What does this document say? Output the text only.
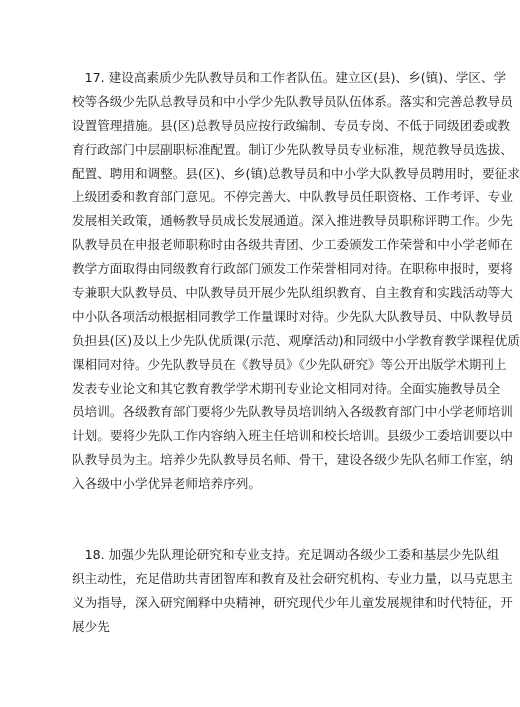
　17. 建设高素质少先队教导员和工作者队伍。建立区(县)、乡(镇)、学区、学
校等各级少先队总教导员和中小学少先队教导员队伍体系。落实和完善总教导员
设置管理措施。县(区)总教导员应按行政编制、专员专岗、不低于同级团委或教
育行政部门中层副职标准配置。制订少先队教导员专业标准，规范教导员选拔、
配置、聘用和调整。县(区)、乡(镇)总教导员和中小学大队教导员聘用时，要征求
上级团委和教育部门意见。不停完善大、中队教导员任职资格、工作考评、专业
发展相关政策，通畅教导员成长发展通道。深入推进教导员职称评聘工作。少先
队教导员在申报老师职称时由各级共青团、少工委颁发工作荣誉和中小学老师在
教学方面取得由同级教育行政部门颁发工作荣誉相同对待。在职称申报时，要将
专兼职大队教导员、中队教导员开展少先队组织教育、自主教育和实践活动等大
中小队各项活动根据相同教学工作量课时对待。少先队大队教导员、中队教导员
负担县(区)及以上少先队优质课(示范、观摩活动)和同级中小学教育教学课程优质
课相同对待。少先队教导员在《教导员》《少先队研究》等公开出版学术期刊上
发表专业论文和其它教育教学学术期刊专业论文相同对待。全面实施教导员全
员培训。各级教育部门要将少先队教导员培训纳入各级教育部门中小学老师培训
计划。要将少先队工作内容纳入班主任培训和校长培训。县级少工委培训要以中
队教导员为主。培养少先队教导员名师、骨干，建设各级少先队名师工作室，纳
入各级中小学优异老师培养序列。
　18. 加强少先队理论研究和专业支持。充足调动各级少工委和基层少先队组
织主动性，充足借助共青团智库和教育及社会研究机构、专业力量，以马克思主
义为指导，深入研究阐释中央精神，研究现代少年儿童发展规律和时代特征，开
展少先
